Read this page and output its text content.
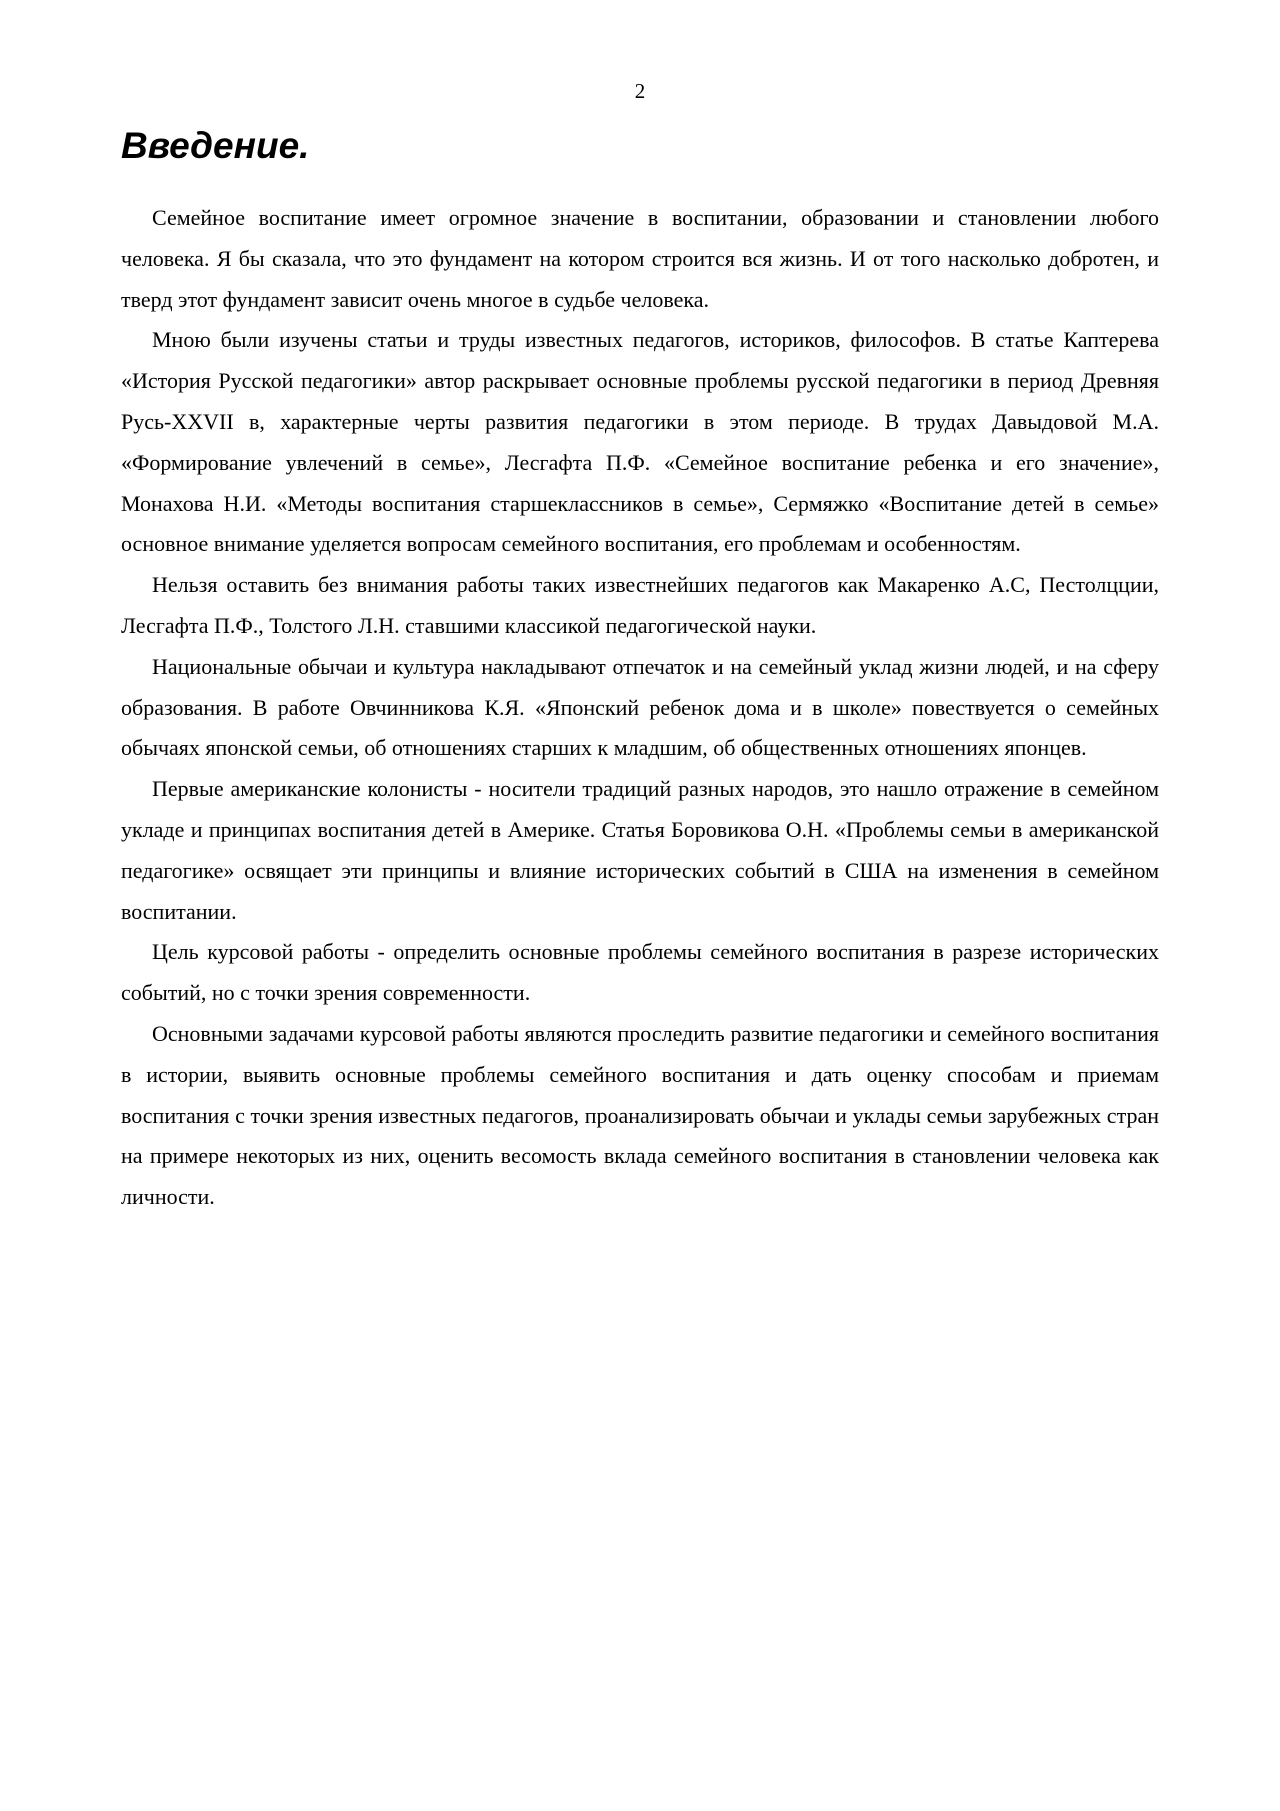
2
Введение.

Семейное воспитание имеет огромное значение в воспитании, образовании и становлении любого человека. Я бы сказала, что это фундамент на котором строится вся жизнь. И от того насколько добротен, и тверд этот фундамент зависит очень многое в судьбе человека.

Мною были изучены статьи и труды известных педагогов, историков, философов. В статье Каптерева «История Русской педагогики» автор раскрывает основные проблемы русской педагогики в период Древняя Русь-XXVII в, характерные черты развития педагогики в этом периоде. В трудах Давыдовой М.А. «Формирование увлечений в семье», Лесгафта П.Ф. «Семейное воспитание ребенка и его значение», Монахова Н.И. «Методы воспитания старшеклассников в семье», Сермяжко «Воспитание детей в семье» основное внимание уделяется вопросам семейного воспитания, его проблемам и особенностям.

Нельзя оставить без внимания работы таких известнейших педагогов как Макаренко А.С, Пестолцции, Лесгафта П.Ф., Толстого Л.Н. ставшими классикой педагогической науки.

Национальные обычаи и культура накладывают отпечаток и на семейный уклад жизни людей, и на сферу образования. В работе Овчинникова К.Я. «Японский ребенок дома и в школе» повествуется о семейных обычаях японской семьи, об отношениях старших к младшим, об общественных отношениях японцев.

Первые американские колонисты - носители традиций разных народов, это нашло отражение в семейном укладе и принципах воспитания детей в Америке. Статья Боровикова О.Н. «Проблемы семьи в американской педагогике» освящает эти принципы и влияние исторических событий в США на изменения в семейном воспитании.

Цель курсовой работы - определить основные проблемы семейного воспитания в разрезе исторических событий, но с точки зрения современности.

Основными задачами курсовой работы являются проследить развитие педагогики и семейного воспитания в истории, выявить основные проблемы семейного воспитания и дать оценку способам и приемам воспитания с точки зрения известных педагогов, проанализировать обычаи и уклады семьи зарубежных стран на примере некоторых из них, оценить весомость вклада семейного воспитания в становлении человека как личности.
